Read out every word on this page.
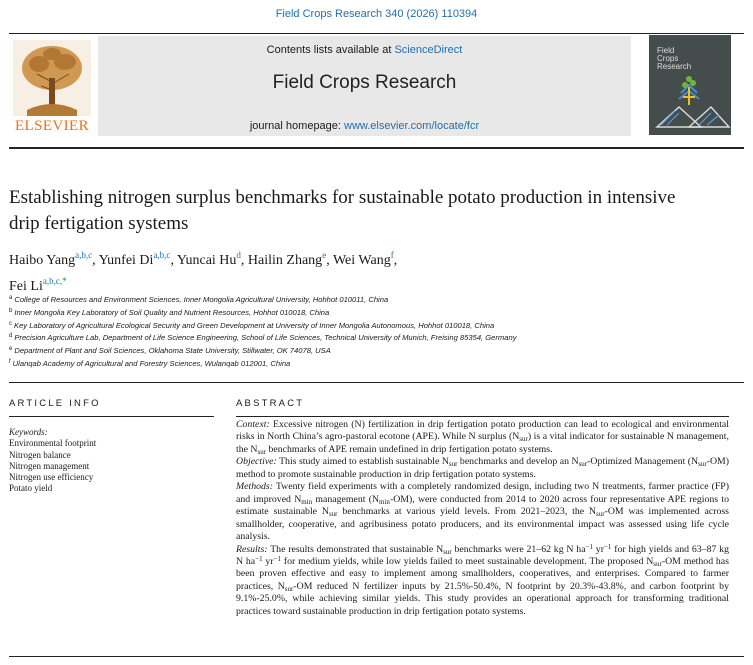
Field Crops Research 340 (2026) 110394
ELSEVIER
Contents lists available at ScienceDirect
Field Crops Research
journal homepage: www.elsevier.com/locate/fcr
Field
Crops
Research
Establishing nitrogen surplus benchmarks for sustainable potato production in intensive drip fertigation systems
Haibo Yang$^{a,b,c}$, Yunfei Di$^{a,b,c}$, Yuncai Hu$^d$, Hailin Zhang$^e$, Wei Wang$^f$,
Fei $Li^{a,b,c,*}$
$^a$ College of Resources and Environment Sciences, Inner Mongolia Agricultural University, Hohhot 010011, China
$^b$ Inner Mongolia Key Laboratory of Soil Quality and Nutrient Resources, Hohhot 010018, China
$^c$ Key Laboratory of Agricultural Ecological Security and Green Development at University of Inner Mongolia Autonomous, Hohhot 010018, China
$^d$ Precision Agriculture Lab, Department of Life Science Engineering, School of Life Sciences, Technical University of Munich, Freising 85354, Germany
$^e$ Department of Plant and Soil Sciences, Oklahoma State University, Stillwater, OK 74078, USA
$^f$ Ulanqab Academy of Agricultural and Forestry Sciences, Wulanqab 012001, China
ARTICLE INFO	ABSTRACT
Keywords:
Environmental footprint
Nitrogen balance
Nitrogen management
Nitrogen use efficiency
Potato yield

Context: Excessive nitrogen (N) fertilization in drip fertigation potato production can lead to ecological and environmental risks in North China’s agro-pastoral ecotone (APE). While N surplus $(N_{sur})$ is a vital indicator for sustainable N management, the $N_{sur}$ benchmarks of APE remain undefined in drip fertigation potato systems.

Objective: This study aimed to establish sustainable $N_{sur}$ benchmarks and develop an $N_{sur}$-Optimized Management $(N_{sur}-OM)$ method to promote sustainable production in drip fertigation potato systems.

Methods: Twenty field experiments with a completely randomized design, including two N treatments, farmer practice (FP) and improved $N_{min}$ management $(N_{min}-OM)$, were conducted from 2014 to 2020 across four representative APE regions to estimate sustainable $N_{sur}$ benchmarks at various yield levels. From 2021–2023, the $N_{sur}-OM$ was implemented across smallholder, cooperative, and agribusiness potato producers, and its environmental impact was assessed using life cycle analysis.

Results: The results demonstrated that sustainable $N_{sur}$ benchmarks were 21–62 kg N $ha^{-1}$ $yr^{-1}$ for high yields and 63–87 kg N $ha^{-1}$ $yr^{-1}$ for medium yields, while low yields failed to meet sustainable development. The proposed $N_{sur}-OM$ method has been proven effective and easy to implement among smallholders, cooperatives, and enterprises. Compared to farmer practices, $N_{sur}-OM$ reduced N fertilizer inputs by 21.5%-50.4%, N footprint by 20.3%-43.8%, and carbon footprint by 9.1%-25.0%, while achieving similar yields. This study provides an operational approach for transforming traditional practices toward sustainable production in drip fertigation potato systems.
